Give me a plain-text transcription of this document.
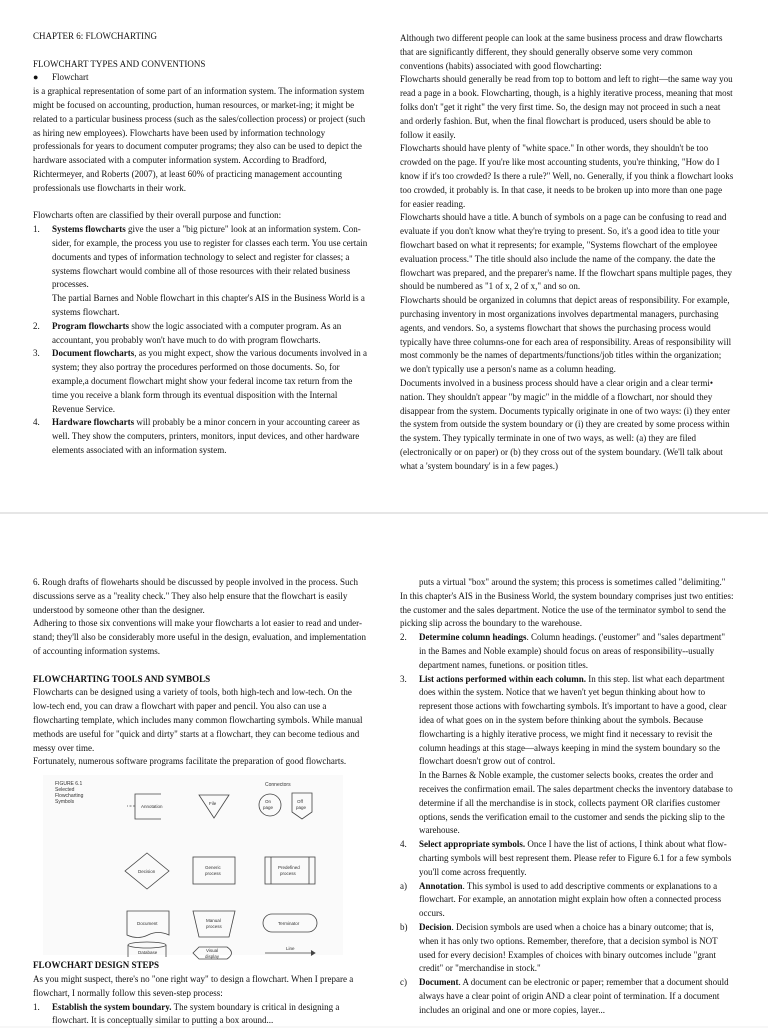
CHAPTER 6: FLOWCHARTING

FLOWCHART TYPES AND CONVENTIONS

● Flowchart

is a graphical representation of some part of an information system. The information system might be focused on accounting, production, human resources, or market-ing; it might be related to a particular business process (such as the sales/collection process) or project (such as hiring new employees). Flowcharts have been used by information technology professionals for years to document computer programs; they also can be used to depict the hardware associated with a computer information system. According to Bradford, Richtermeyer, and Roberts (2007), at least 60% of practicing management accounting professionals use flowcharts in their work.

Flowcharts often are classified by their overall purpose and function:

1. Systems flowcharts give the user a "big picture" look at an information system. Con-sider, for example, the process you use to register for classes each term. You use certain documents and types of information technology to select and register for classes; a systems flowchart would combine all of those resources with their related business processes.

The partial Barnes and Noble flowchart in this chapter's AIS in the Business World is a systems flowchart.

2. Program flowcharts show the logic associated with a computer program. As an accountant, you probably won't have much to do with program flowcharts.
3. Document flowcharts, as you might expect, show the various documents involved in a system; they also portray the procedures performed on those documents. So, for example,a document flowchart might show your federal income tax return from the time you receive a blank form through its eventual disposition with the Internal Revenue Service.
4. Hardware flowcharts will probably be a minor concern in your accounting career as well. They show the computers, printers, monitors, input devices, and other hardware elements associated with an information system.

Although two different people can look at the same business process and draw flowcharts that are significantly different, they should generally observe some very common conventions (habits) associated with good flowcharting:

Flowcharts should generally be read from top to bottom and left to right—the same way you read a page in a book. Flowcharting, though, is a highly iterative process, meaning that most folks don't "get it right" the very first time. So, the design may not proceed in such a neat and orderly fashion. But, when the final flowchart is produced, users should be able to follow it easily.

Flowcharts should have plenty of "white space." In other words, they shouldn't be too crowded on the page. If you're like most accounting students, you're thinking, "How do I know if it's too crowded? Is there a rule?" Well, no. Generally, if you think a flowchart looks too crowded, it probably is. In that case, it needs to be broken up into more than one page for easier reading.

Flowcharts should have a title. A bunch of symbols on a page can be confusing to read and evaluate if you don't know what they're trying to present. So, it's a good idea to title your flowchart based on what it represents; for example, "Systems flowchart of the employee evaluation process." The title should also include the name of the company. the date the flowchart was prepared, and the preparer's name. If the flowchart spans multiple pages, they should be numbered as "1 of x, 2 of x," and so on.

Flowcharts should be organized in columns that depict areas of responsibility. For example, purchasing inventory in most organizations involves departmental managers, purchasing agents, and vendors. So, a systems flowchart that shows the purchasing process would typically have three columns-one for each area of responsibility. Areas of responsibility will most commonly be the names of departments/functions/job titles within the organization; we don't typically use a person's name as a column heading.

Documents involved in a business process should have a clear origin and a clear termi• nation. They shouldn't appear "by magic" in the middle of a flowchart, nor should they disappear from the system. Documents typically originate in one of two ways: (i) they enter the system from outside the system boundary or (i) they are created by some process within the system. They typically terminate in one of two ways, as well: (a) they are filed (electronically or on paper) or (b) they cross out of the system boundary. (We'll talk about what a 'system boundary' is in a few pages.)

6. Rough drafts of floweharts should be discussed by people involved in the process. Such discussions serve as a "reality check." They also help ensure that the flowchart is easily understood by someone other than the designer.

Adhering to those six conventions will make your flowcharts a lot easier to read and under-stand; they'll also be considerably more useful in the design, evaluation, and implementation of accounting information systems.

FLOWCHARTING TOOLS AND SYMBOLS

Flowcharts can be designed using a variety of tools, both high-tech and low-tech. On the low-tech end, you can draw a flowchart with paper and pencil. You also can use a flowcharting template, which includes many common flowcharting symbols. While manual methods are useful for "quick and dirty" starts at a flowchart, they can become tedious and messy over time.

Fortunately, numerous software programs facilitate the preparation of good flowcharts.

FIGURE 6.1
Selected
Flowcharting
Symbols
Connectors
Annotation
File	On
page
Off
page
Decision
Generic
process
Predefined
process
Document
Manual
process
Terminator
Database	Visual
display
Line

FLOWCHART DESIGN STEPS

As you might suspect, there's no "one right way" to design a flowchart. When I prepare a flowchart, I normally follow this seven-step process:

1. Establish the system boundary. The system boundary is critical in designing a flowchart. It is conceptually similar to putting a box around...

puts a virtual "box" around the system; this process is sometimes called "delimiting."

In this chapter's AIS in the Business World, the system boundary comprises just two entities: the customer and the sales department. Notice the use of the terminator symbol to send the picking slip across the boundary to the warehouse.

2. Determine column headings. Column headings. ('eustomer" and "sales department" in the Bames and Noble example) should focus on areas of responsibility--usually department names, funetions. or position titles.
3. List actions performed within each column. In this step. list what each department does within the system. Notice that we haven't yet begun thinking about how to represent those actions with fowcharting symbols. It's important to have a good, clear idea of what goes on in the system before thinking about the symbols. Because flowcharting is a highly iterative process, we might find it necessary to revisit the column headings at this stage—always keeping in mind the system boundary so the flowchart doesn't grow out of control.

In the Barnes & Noble example, the customer selects books, creates the order and receives the confirmation email. The sales department checks the inventory database to determine if all the merchandise is in stock, collects payment OR clarifies customer options, sends the verification email to the customer and sends the picking slip to the warehouse.

4. Select appropriate symbols. Once I have the list of actions, I think about what flow-charting symbols will best represent them. Please refer to Figure 6.1 for a few symbols you'll come across frequently.
a) Annotation. This symbol is used to add descriptive comments or explanations to a flowchart. For example, an annotation might explain how often a connected process occurs.
b) Decision. Decision symbols are used when a choice has a binary outcome; that is, when it has only two options. Remember, therefore, that a decision symbol is NOT used for every decision! Examples of choices with binary outcomes include "grant credit" or "merchandise in stock."
c) Document. A document can be electronic or paper; remember that a document should always have a clear point of origin AND a clear point of termination. If a document includes an original and one or more copies, layer...
